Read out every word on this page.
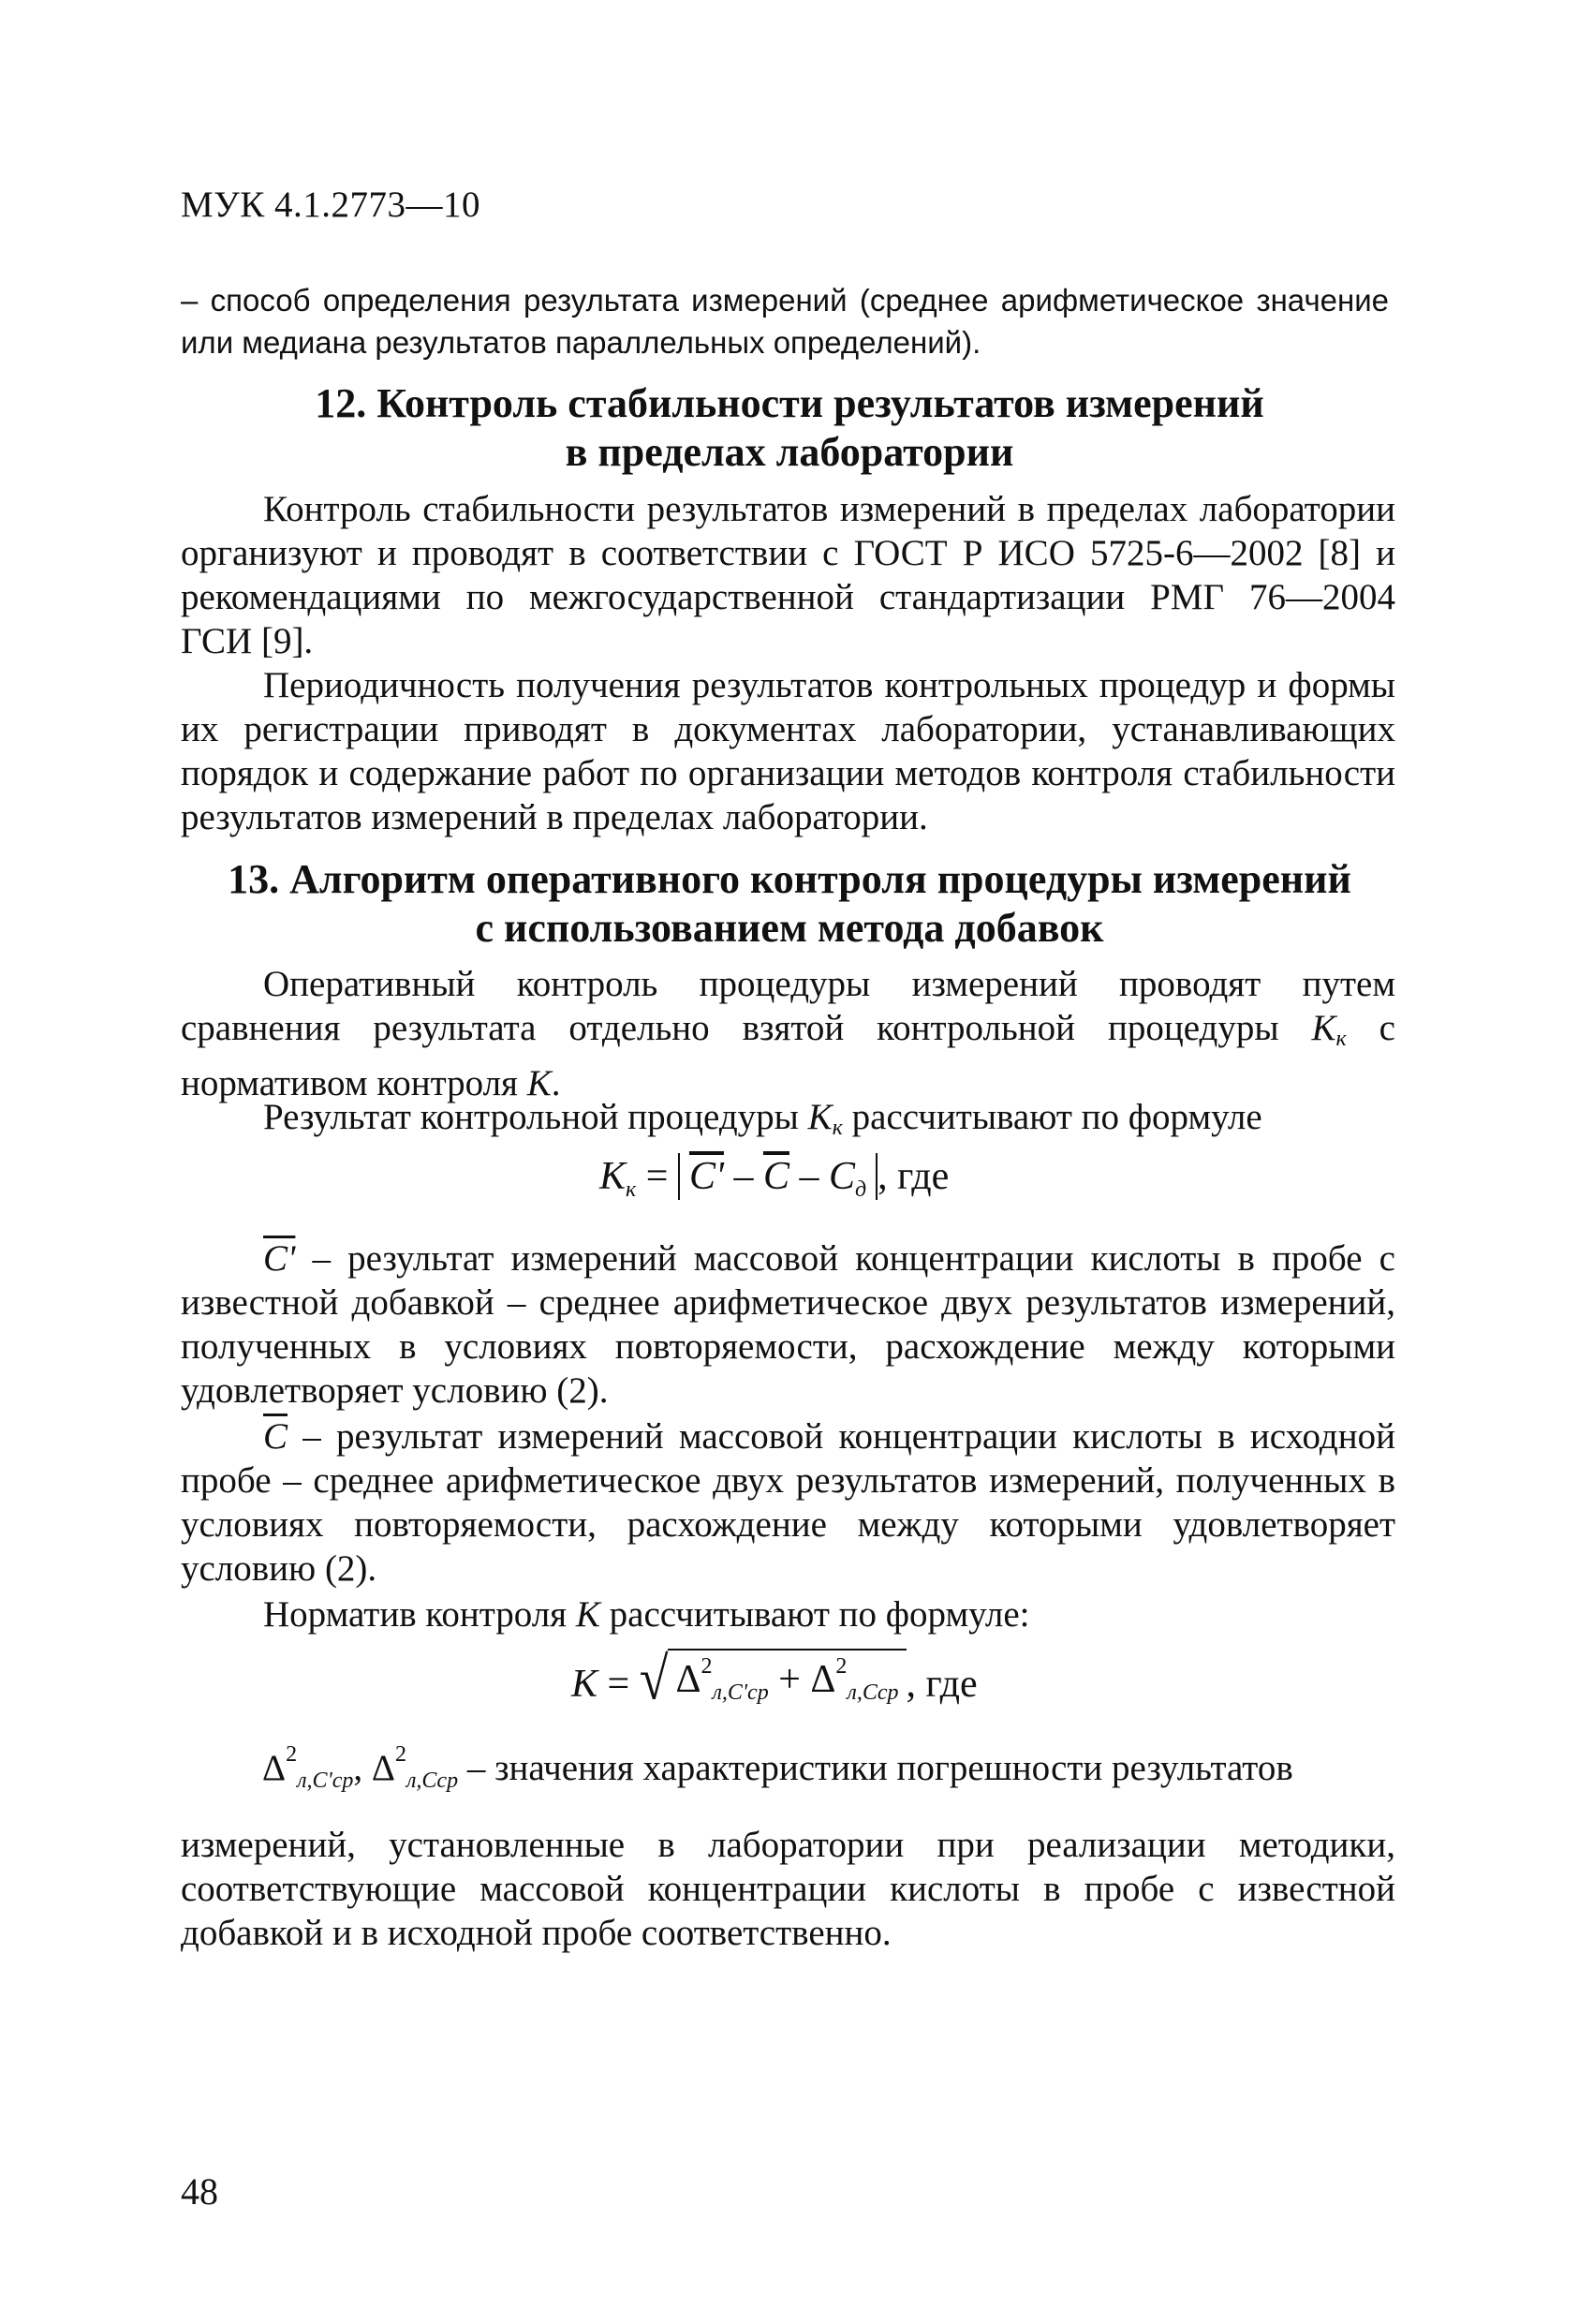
МУК 4.1.2773—10
– способ определения результата измерений (среднее арифметическое значение или медиана результатов параллельных определений).
12. Контроль стабильности результатов измерений
в пределах лаборатории
Контроль стабильности результатов измерений в пределах лаборатории организуют и проводят в соответствии с ГОСТ Р ИСО 5725-6—2002 [8] и рекомендациями по межгосударственной стандартизации РМГ 76—2004 ГСИ [9].
Периодичность получения результатов контрольных процедур и формы их регистрации приводят в документах лаборатории, устанавливающих порядок и содержание работ по организации методов контроля стабильности результатов измерений в пределах лаборатории.
13. Алгоритм оперативного контроля процедуры измерений
с использованием метода добавок
Оперативный контроль процедуры измерений проводят путем сравнения результата отдельно взятой контрольной процедуры $K_к$ с нормативом контроля K.
Результат контрольной процедуры $K_к$ рассчитывают по формуле
$K_к = C' - \overline{C} - C_д$ , где
C' – результат измерений массовой концентрации кислоты в пробе с известной добавкой – среднее арифметическое двух результатов измерений, полученных в условиях повторяемости, расхождение между которыми удовлетворяет условию (2).
$\overline{C}$ – результат измерений массовой концентрации кислоты в исходной пробе – среднее арифметическое двух результатов измерений, полученных в условиях повторяемости, расхождение между которыми удовлетворяет условию (2).
Норматив контроля K рассчитывают по формуле:
K = √ $\Delta^2_{л,C'ср} + \Delta^2_{л,Cср}$ , где
$\Delta^2_{л,C'ср}$, $\Delta^2_{л,Cср}$ – значения характеристики погрешности результатов
измерений, установленные в лаборатории при реализации методики, соответствующие массовой концентрации кислоты в пробе с известной добавкой и в исходной пробе соответственно.
48
